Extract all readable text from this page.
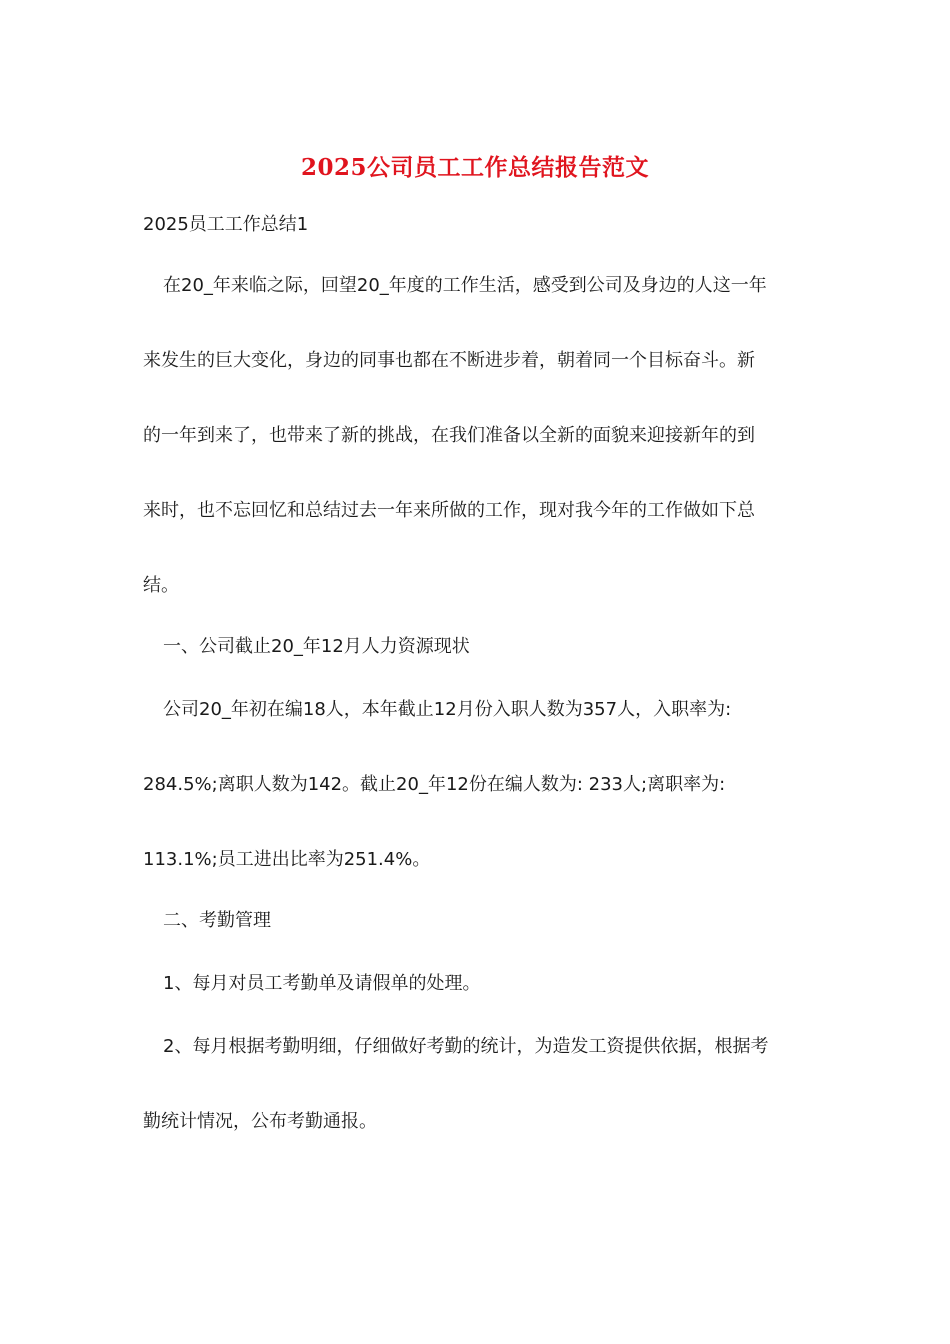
2025公司员工工作总结报告范文
2025员工工作总结1
在20_年来临之际，回望20_年度的工作生活，感受到公司及身边的人这一年
来发生的巨大变化，身边的同事也都在不断进步着，朝着同一个目标奋斗。新
的一年到来了，也带来了新的挑战，在我们准备以全新的面貌来迎接新年的到
来时，也不忘回忆和总结过去一年来所做的工作，现对我今年的工作做如下总
结。
一、公司截止20_年12月人力资源现状
公司20_年初在编18人，本年截止12月份入职人数为357人，入职率为:
284.5%;离职人数为142。截止20_年12份在编人数为: 233人;离职率为:
113.1%;员工进出比率为251.4%。
二、考勤管理
1、每月对员工考勤单及请假单的处理。
2、每月根据考勤明细，仔细做好考勤的统计，为造发工资提供依据，根据考
勤统计情况，公布考勤通报。
